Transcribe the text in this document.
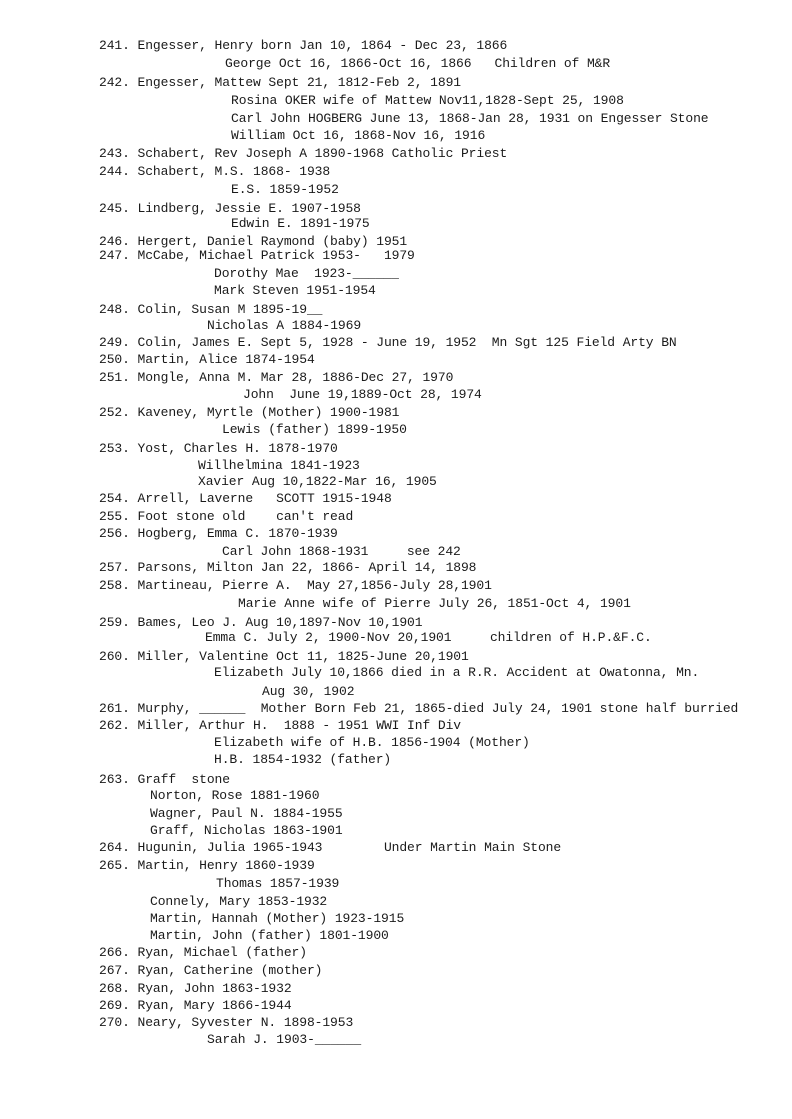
241. Engesser, Henry born Jan 10, 1864 - Dec 23, 1866
George Oct 16, 1866-Oct 16, 1866   Children of M&R
242. Engesser, Mattew Sept 21, 1812-Feb 2, 1891
Rosina OKER wife of Mattew Nov11,1828-Sept 25, 1908
Carl John HOGBERG June 13, 1868-Jan 28, 1931 on Engesser Stone
William Oct 16, 1868-Nov 16, 1916
243. Schabert, Rev Joseph A 1890-1968 Catholic Priest
244. Schabert, M.S. 1868- 1938
E.S. 1859-1952
245. Lindberg, Jessie E. 1907-1958
Edwin E. 1891-1975
246. Hergert, Daniel Raymond (baby) 1951
247. McCabe, Michael Patrick 1953-   1979
Dorothy Mae  1923-______
Mark Steven 1951-1954
248. Colin, Susan M 1895-19__
Nicholas A 1884-1969
249. Colin, James E. Sept 5, 1928 - June 19, 1952  Mn Sgt 125 Field Arty BN
250. Martin, Alice 1874-1954
251. Mongle, Anna M. Mar 28, 1886-Dec 27, 1970
John  June 19,1889-Oct 28, 1974
252. Kaveney, Myrtle (Mother) 1900-1981
Lewis (father) 1899-1950
253. Yost, Charles H. 1878-1970
Willhelmina 1841-1923
Xavier Aug 10,1822-Mar 16, 1905
254. Arrell, Laverne   SCOTT 1915-1948
255. Foot stone old    can't read
256. Hogberg, Emma C. 1870-1939
Carl John 1868-1931     see 242
257. Parsons, Milton Jan 22, 1866- April 14, 1898
258. Martineau, Pierre A.  May 27,1856-July 28,1901
Marie Anne wife of Pierre July 26, 1851-Oct 4, 1901
259. Bames, Leo J. Aug 10,1897-Nov 10,1901
Emma C. July 2, 1900-Nov 20,1901     children of H.P.&F.C.
260. Miller, Valentine Oct 11, 1825-June 20,1901
Elizabeth July 10,1866 died in a R.R. Accident at Owatonna, Mn.
Aug 30, 1902
261. Murphy, ______  Mother Born Feb 21, 1865-died July 24, 1901 stone half burried
262. Miller, Arthur H.  1888 - 1951 WWI Inf Div
Elizabeth wife of H.B. 1856-1904 (Mother)
H.B. 1854-1932 (father)
263. Graff  stone
Norton, Rose 1881-1960
Wagner, Paul N. 1884-1955
Graff, Nicholas 1863-1901
264. Hugunin, Julia 1965-1943        Under Martin Main Stone
265. Martin, Henry 1860-1939
Thomas 1857-1939
Connely, Mary 1853-1932
Martin, Hannah (Mother) 1923-1915
Martin, John (father) 1801-1900
266. Ryan, Michael (father)
267. Ryan, Catherine (mother)
268. Ryan, John 1863-1932
269. Ryan, Mary 1866-1944
270. Neary, Syvester N. 1898-1953
Sarah J. 1903-______
